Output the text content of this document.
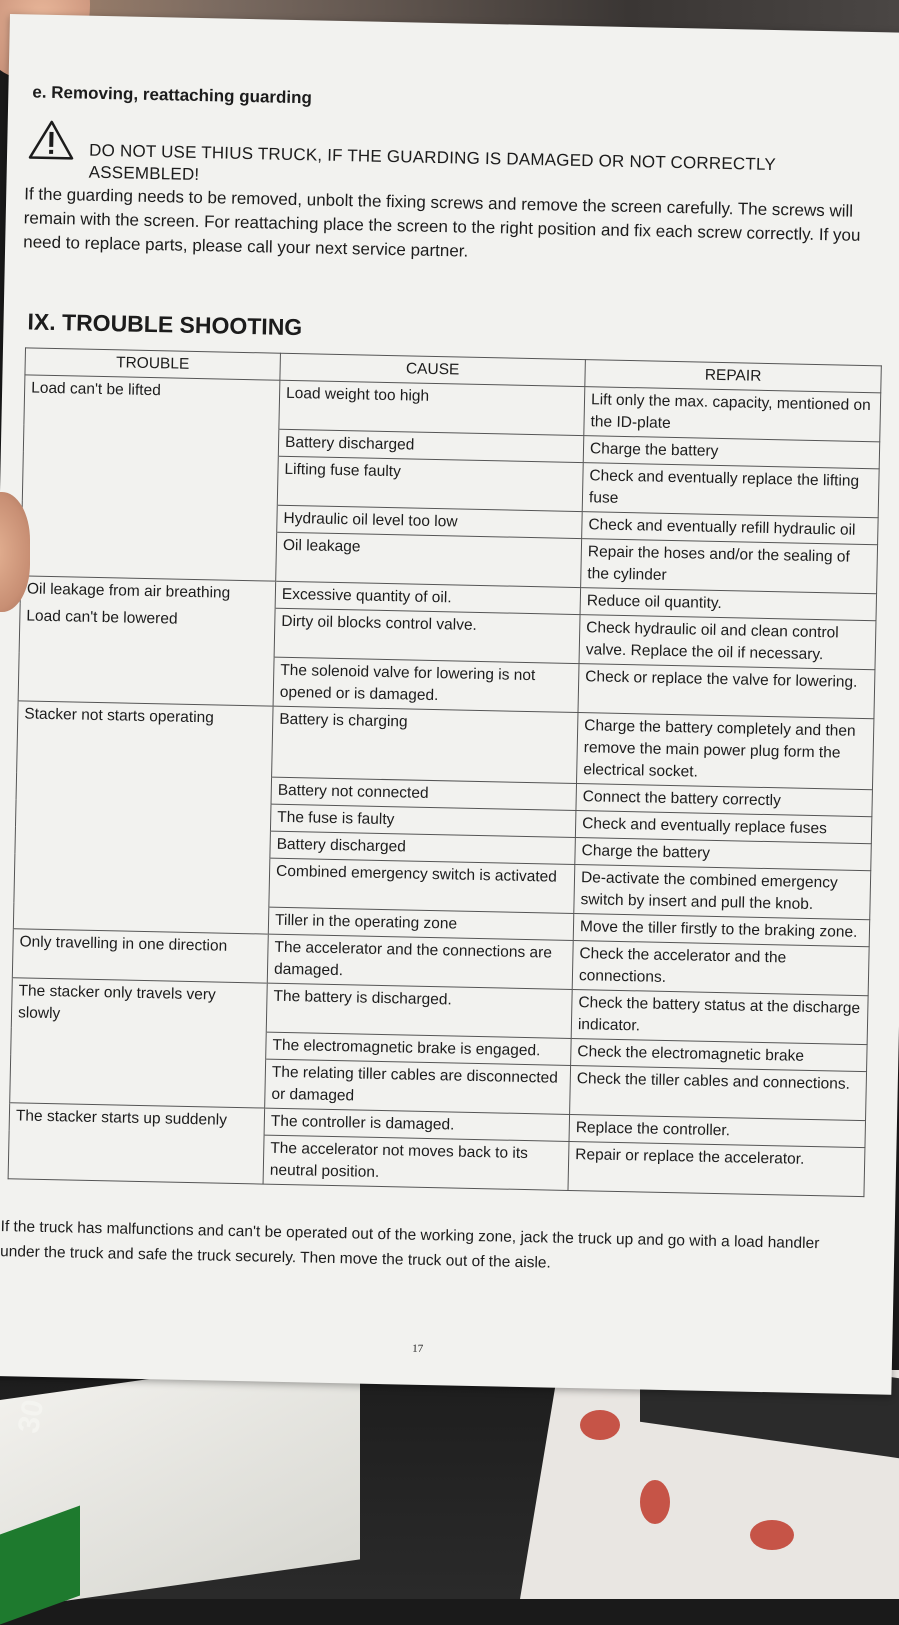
30
e. Removing, reattaching guarding
DO NOT USE THIUS TRUCK, IF THE GUARDING IS DAMAGED OR NOT CORRECTLY ASSEMBLED!
If the guarding needs to be removed, unbolt the fixing screws and remove the screen carefully. The screws will remain with the screen. For reattaching place the screen to the right position and fix each screw correctly. If you need to replace parts, please call your next service partner.
IX. TROUBLE SHOOTING
TROUBLE	CAUSE	REPAIR
Load can't be lifted	Load weight too high	Lift only the max. capacity, mentioned on the ID-plate
	Battery discharged	Charge the battery
	Lifting fuse faulty	Check and eventually replace the lifting fuse
	Hydraulic oil level too low	Check and eventually refill hydraulic oil
	Oil leakage	Repair the hoses and/or the sealing of the cylinder
Oil leakage from air breathing	Excessive quantity of oil.	Reduce oil quantity.
Load can't be lowered	Dirty oil blocks control valve.	Check hydraulic oil and clean control valve. Replace the oil if necessary.
	The solenoid valve for lowering is not opened or is damaged.	Check or replace the valve for lowering.
Stacker not starts operating	Battery is charging	Charge the battery completely and then remove the main power plug form the electrical socket.
	Battery not connected	Connect the battery correctly
	The fuse is faulty	Check and eventually replace fuses
	Battery discharged	Charge the battery
	Combined emergency switch is activated	De-activate the combined emergency switch by insert and pull the knob.
	Tiller in the operating zone	Move the tiller firstly to the braking zone.
Only travelling in one direction	The accelerator and the connections are damaged.	Check the accelerator and the connections.
The stacker only travels very slowly	The battery is discharged.	Check the battery status at the discharge indicator.
	The electromagnetic brake is engaged.	Check the electromagnetic brake
	The relating tiller cables are disconnected or damaged	Check the tiller cables and connections.
The stacker starts up suddenly	The controller is damaged.	Replace the controller.
	The accelerator not moves back to its neutral position.	Repair or replace the accelerator.
If the truck has malfunctions and can't be operated out of the working zone, jack the truck up and go with a load handler under the truck and safe the truck securely. Then move the truck out of the aisle.
17
